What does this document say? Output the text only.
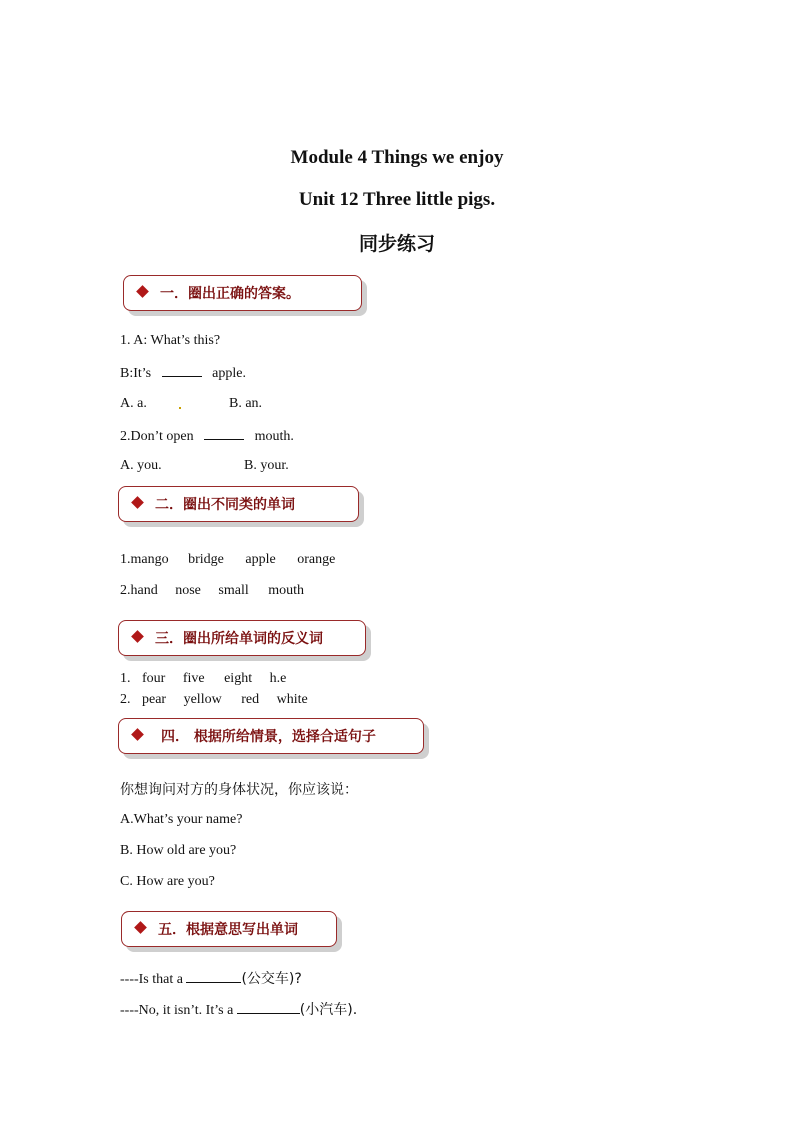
Module 4 Things we enjoy
Unit 12 Three little pigs.
同步练习
一．圈出正确的答案。
1. A: What’s this?
B:It’s	apple.
A. a.	B. an.
2.Don’t open	mouth.
A. you.	B. your.
二．圈出不同类的单词
1.mango bridge apple orange
2.hand nose small mouth
三．圈出所给单词的反义词
1. four five eight h.e
2. pear yellow red white
四． 根据所给情景，选择合适句子
你想询问对方的身体状况，你应该说：
A.What’s your name?
B. How old are you?
C. How are you?
五．根据意思写出单词
----Is that a	(公交车)?
----No, it isn’t. It’s a	(小汽车).
